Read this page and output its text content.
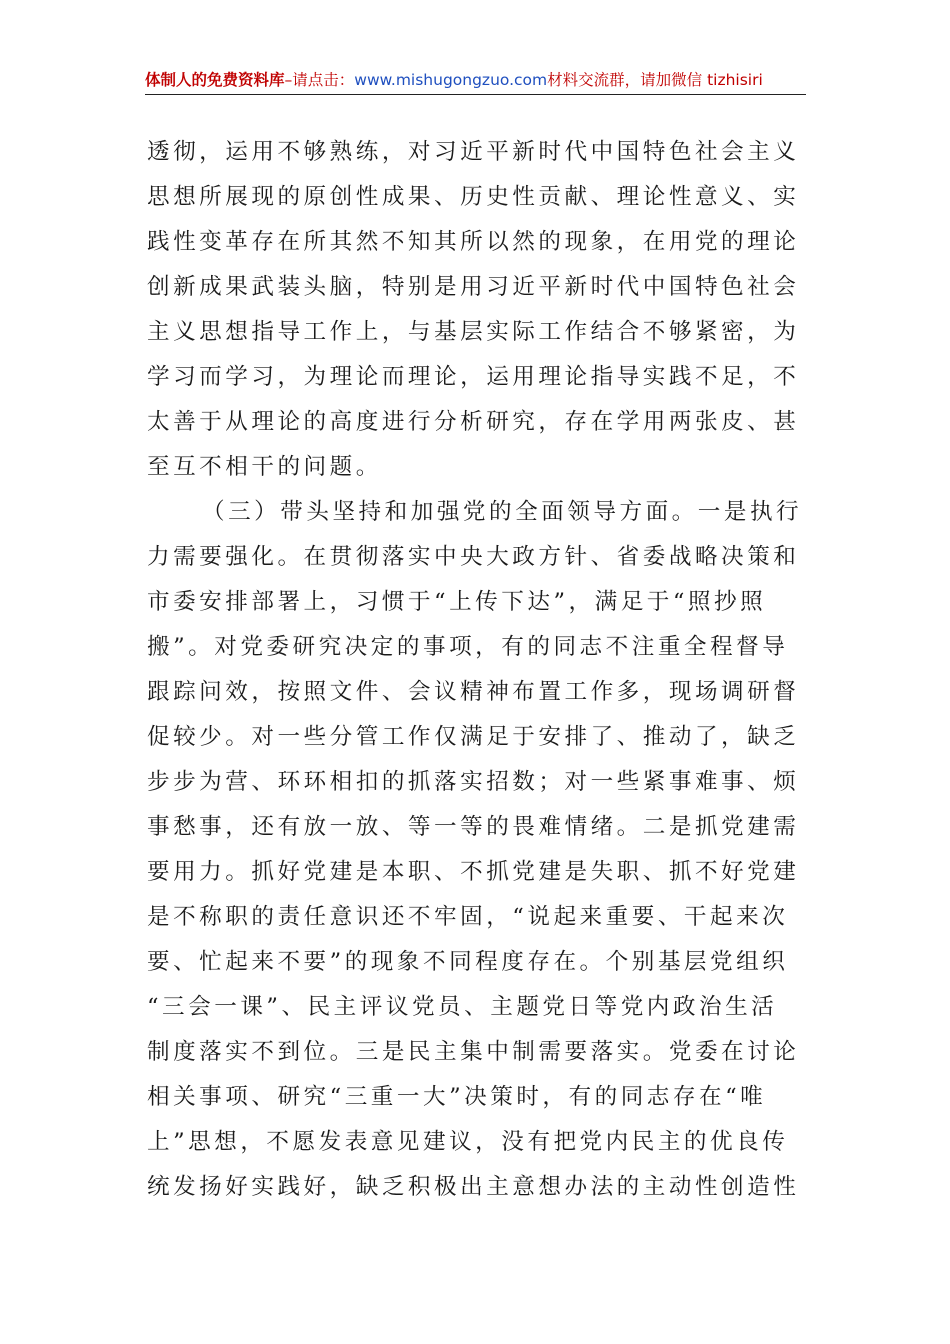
体制人的免费资料库–请点击：www.mishugongzuo.com材料交流群，请加微信 tizhisiri
透彻，运用不够熟练，对习近平新时代中国特色社会主义
思想所展现的原创性成果、历史性贡献、理论性意义、实
践性变革存在所其然不知其所以然的现象，在用党的理论
创新成果武装头脑，特别是用习近平新时代中国特色社会
主义思想指导工作上，与基层实际工作结合不够紧密，为
学习而学习，为理论而理论，运用理论指导实践不足，不
太善于从理论的高度进行分析研究，存在学用两张皮、甚
至互不相干的问题。
（三）带头坚持和加强党的全面领导方面。一是执行
力需要强化。在贯彻落实中央大政方针、省委战略决策和
市委安排部署上，习惯于“上传下达”，满足于“照抄照
搬”。对党委研究决定的事项，有的同志不注重全程督导
跟踪问效，按照文件、会议精神布置工作多，现场调研督
促较少。对一些分管工作仅满足于安排了、推动了，缺乏
步步为营、环环相扣的抓落实招数；对一些紧事难事、烦
事愁事，还有放一放、等一等的畏难情绪。二是抓党建需
要用力。抓好党建是本职、不抓党建是失职、抓不好党建
是不称职的责任意识还不牢固，“说起来重要、干起来次
要、忙起来不要”的现象不同程度存在。个别基层党组织
“三会一课”、民主评议党员、主题党日等党内政治生活
制度落实不到位。三是民主集中制需要落实。党委在讨论
相关事项、研究“三重一大”决策时，有的同志存在“唯
上”思想，不愿发表意见建议，没有把党内民主的优良传
统发扬好实践好，缺乏积极出主意想办法的主动性创造性
